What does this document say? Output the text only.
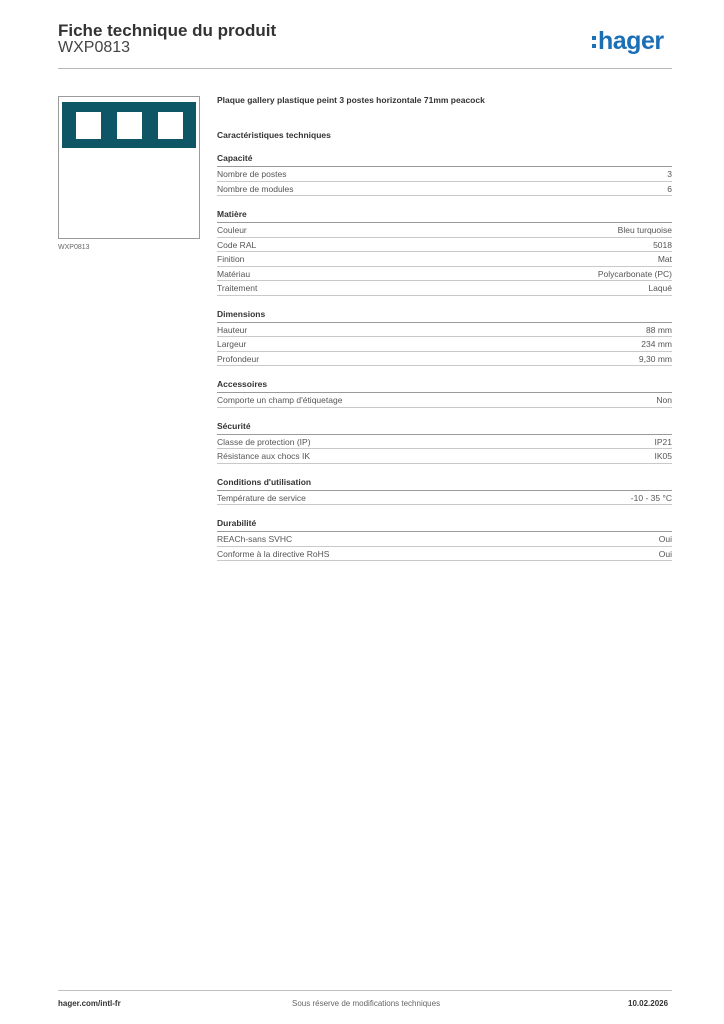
Fiche technique du produit
WXP0813	hager
WXP0813
Plaque gallery plastique peint 3 postes horizontale 71mm peacock
Caractéristiques techniques
Capacité
Nombre de postes	3
Nombre de modules	6
Matière
Couleur	Bleu turquoise
Code RAL	5018
Finition	Mat
Matériau	Polycarbonate (PC)
Traitement	Laqué
Dimensions
Hauteur	88 mm
Largeur	234 mm
Profondeur	9,30 mm
Accessoires
Comporte un champ d'étiquetage	Non
Sécurité
Classe de protection (IP)	IP21
Résistance aux chocs IK	IK05
Conditions d'utilisation
Température de service	-10 - 35 °C
Durabilité
REACh-sans SVHC	Oui
Conforme à la directive RoHS	Oui
hager.com/intl-fr	Sous réserve de modifications techniques	10.02.2026
